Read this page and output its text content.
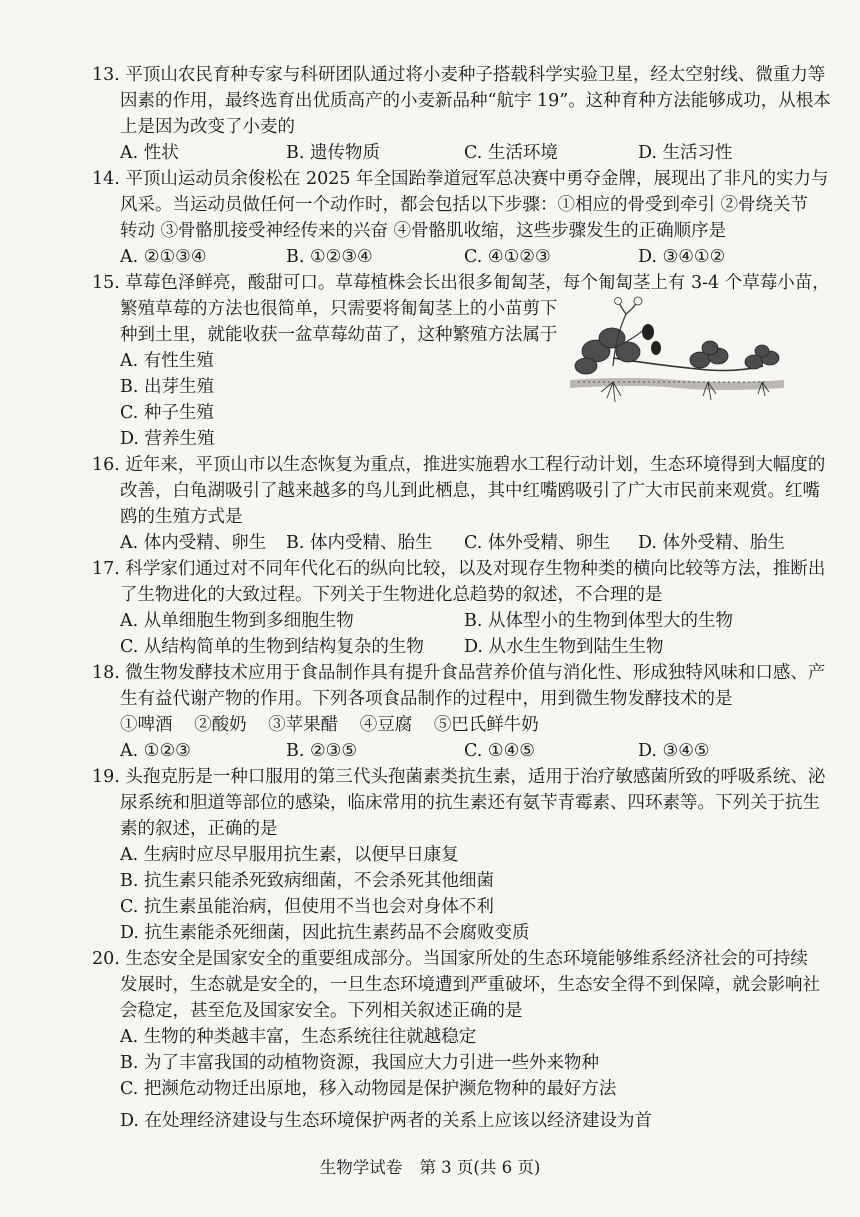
13. 平顶山农民育种专家与科研团队通过将小麦种子搭载科学实验卫星，经太空射线、微重力等
因素的作用，最终选育出优质高产的小麦新品种“航宇 19”。这种育种方法能够成功，从根本
上是因为改变了小麦的
A. 性状	B. 遗传物质	C. 生活环境	D. 生活习性
14. 平顶山运动员余俊松在 2025 年全国跆拳道冠军总决赛中勇夺金牌，展现出了非凡的实力与
风采。当运动员做任何一个动作时，都会包括以下步骤：①相应的骨受到牵引 ②骨绕关节
转动 ③骨骼肌接受神经传来的兴奋 ④骨骼肌收缩，这些步骤发生的正确顺序是
A. ②①③④	B. ①②③④	C. ④①②③	D. ③④①②
15. 草莓色泽鲜亮，酸甜可口。草莓植株会长出很多匍匐茎，每个匍匐茎上有 3-4 个草莓小苗，
繁殖草莓的方法也很简单，只需要将匍匐茎上的小苗剪下
种到土里，就能收获一盆草莓幼苗了，这种繁殖方法属于
A. 有性生殖
B. 出芽生殖
C. 种子生殖
D. 营养生殖
16. 近年来，平顶山市以生态恢复为重点，推进实施碧水工程行动计划，生态环境得到大幅度的
改善，白龟湖吸引了越来越多的鸟儿到此栖息，其中红嘴鸥吸引了广大市民前来观赏。红嘴
鸥的生殖方式是
A. 体内受精、卵生 B. 体内受精、胎生 C. 体外受精、卵生 D. 体外受精、胎生
17. 科学家们通过对不同年代化石的纵向比较，以及对现存生物种类的横向比较等方法，推断出
了生物进化的大致过程。下列关于生物进化总趋势的叙述，不合理的是
A. 从单细胞生物到多细胞生物	B. 从体型小的生物到体型大的生物
C. 从结构简单的生物到结构复杂的生物 D. 从水生生物到陆生生物
18. 微生物发酵技术应用于食品制作具有提升食品营养价值与消化性、形成独特风味和口感、产
生有益代谢产物的作用。下列各项食品制作的过程中，用到微生物发酵技术的是
①啤酒 ②酸奶 ③苹果醋 ④豆腐 ⑤巴氏鲜牛奶
A. ①②③	B. ②③⑤	C. ①④⑤	D. ③④⑤
19. 头孢克肟是一种口服用的第三代头孢菌素类抗生素，适用于治疗敏感菌所致的呼吸系统、泌
尿系统和胆道等部位的感染，临床常用的抗生素还有氨苄青霉素、四环素等。下列关于抗生
素的叙述，正确的是
A. 生病时应尽早服用抗生素，以便早日康复
B. 抗生素只能杀死致病细菌，不会杀死其他细菌
C. 抗生素虽能治病，但使用不当也会对身体不利
D. 抗生素能杀死细菌，因此抗生素药品不会腐败变质
20. 生态安全是国家安全的重要组成部分。当国家所处的生态环境能够维系经济社会的可持续
发展时，生态就是安全的，一旦生态环境遭到严重破坏，生态安全得不到保障，就会影响社
会稳定，甚至危及国家安全。下列相关叙述正确的是
A. 生物的种类越丰富，生态系统往往就越稳定
B. 为了丰富我国的动植物资源，我国应大力引进一些外来物种
C. 把濒危动物迁出原地，移入动物园是保护濒危物种的最好方法
D. 在处理经济建设与生态环境保护两者的关系上应该以经济建设为首
生物学试卷 第 3 页(共 6 页)
